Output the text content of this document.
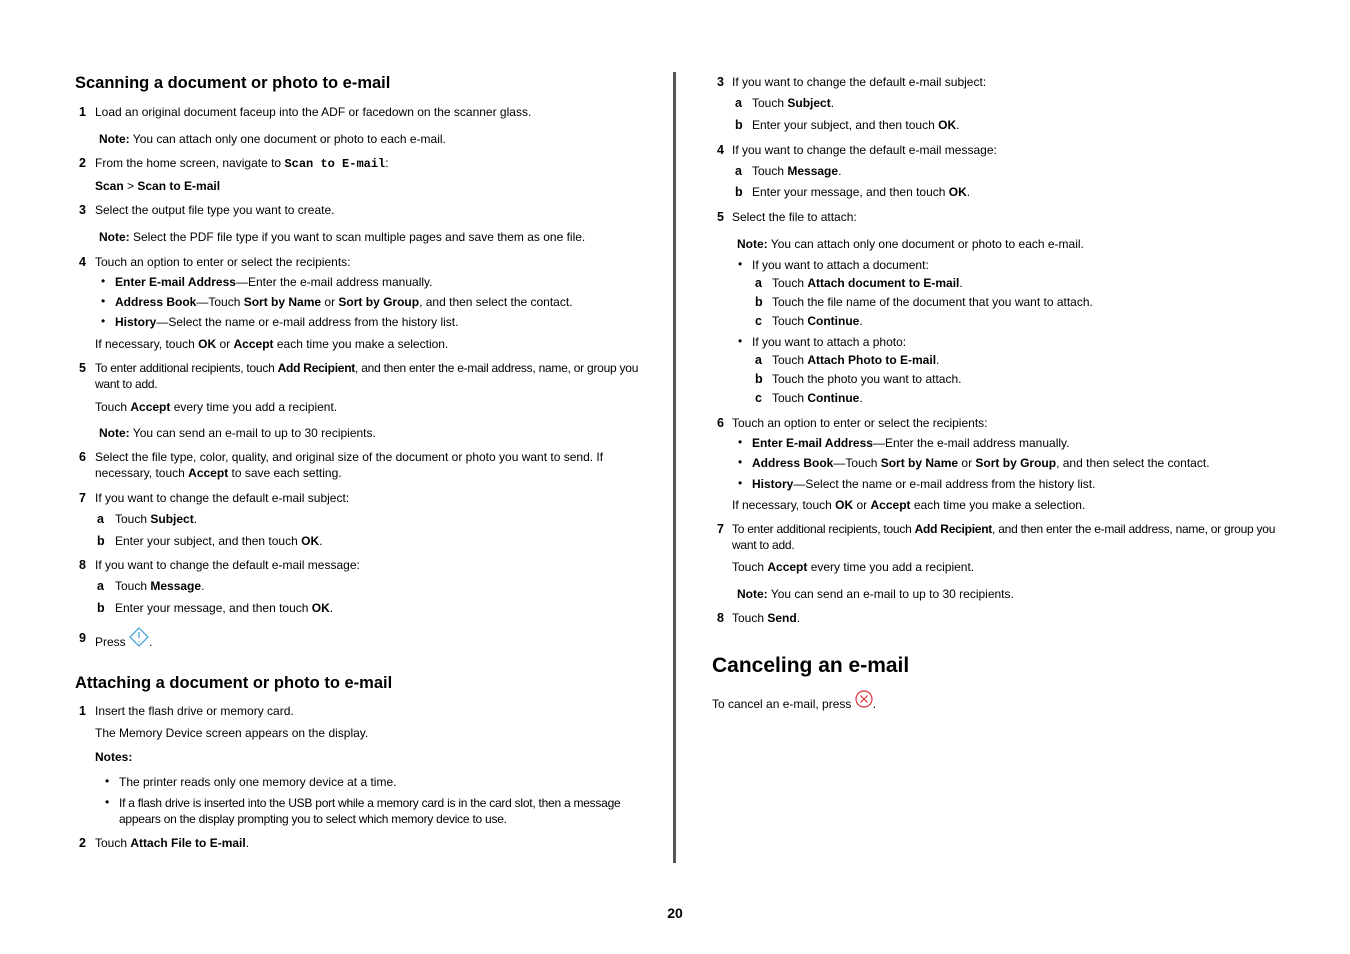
Scanning a document or photo to e-mail
1 Load an original document faceup into the ADF or facedown on the scanner glass.
Note: You can attach only one document or photo to each e-mail.
2 From the home screen, navigate to Scan to E-mail:
Scan > Scan to E-mail
3 Select the output file type you want to create.
Note: Select the PDF file type if you want to scan multiple pages and save them as one file.
4 Touch an option to enter or select the recipients:
• Enter E-mail Address—Enter the e-mail address manually.
• Address Book—Touch Sort by Name or Sort by Group, and then select the contact.
• History—Select the name or e-mail address from the history list.
If necessary, touch OK or Accept each time you make a selection.
5 To enter additional recipients, touch Add Recipient, and then enter the e-mail address, name, or group you want to add.
Touch Accept every time you add a recipient.
Note: You can send an e-mail to up to 30 recipients.
6 Select the file type, color, quality, and original size of the document or photo you want to send. If necessary, touch Accept to save each setting.
7 If you want to change the default e-mail subject:
a Touch Subject.
b Enter your subject, and then touch OK.
8 If you want to change the default e-mail message:
a Touch Message.
b Enter your message, and then touch OK.
9 Press .
Attaching a document or photo to e-mail
1 Insert the flash drive or memory card.
The Memory Device screen appears on the display.
Notes:
• The printer reads only one memory device at a time.
• If a flash drive is inserted into the USB port while a memory card is in the card slot, then a message appears on the display prompting you to select which memory device to use.
2 Touch Attach File to E-mail.
3 If you want to change the default e-mail subject:
a Touch Subject.
b Enter your subject, and then touch OK.
4 If you want to change the default e-mail message:
a Touch Message.
b Enter your message, and then touch OK.
5 Select the file to attach:
Note: You can attach only one document or photo to each e-mail.
• If you want to attach a document:
a Touch Attach document to E-mail.
b Touch the file name of the document that you want to attach.
c Touch Continue.
• If you want to attach a photo:
a Touch Attach Photo to E-mail.
b Touch the photo you want to attach.
c Touch Continue.
6 Touch an option to enter or select the recipients:
• Enter E-mail Address—Enter the e-mail address manually.
• Address Book—Touch Sort by Name or Sort by Group, and then select the contact.
• History—Select the name or e-mail address from the history list.
If necessary, touch OK or Accept each time you make a selection.
7 To enter additional recipients, touch Add Recipient, and then enter the e-mail address, name, or group you want to add.
Touch Accept every time you add a recipient.
Note: You can send an e-mail to up to 30 recipients.
8 Touch Send.
Canceling an e-mail
To cancel an e-mail, press .
20
